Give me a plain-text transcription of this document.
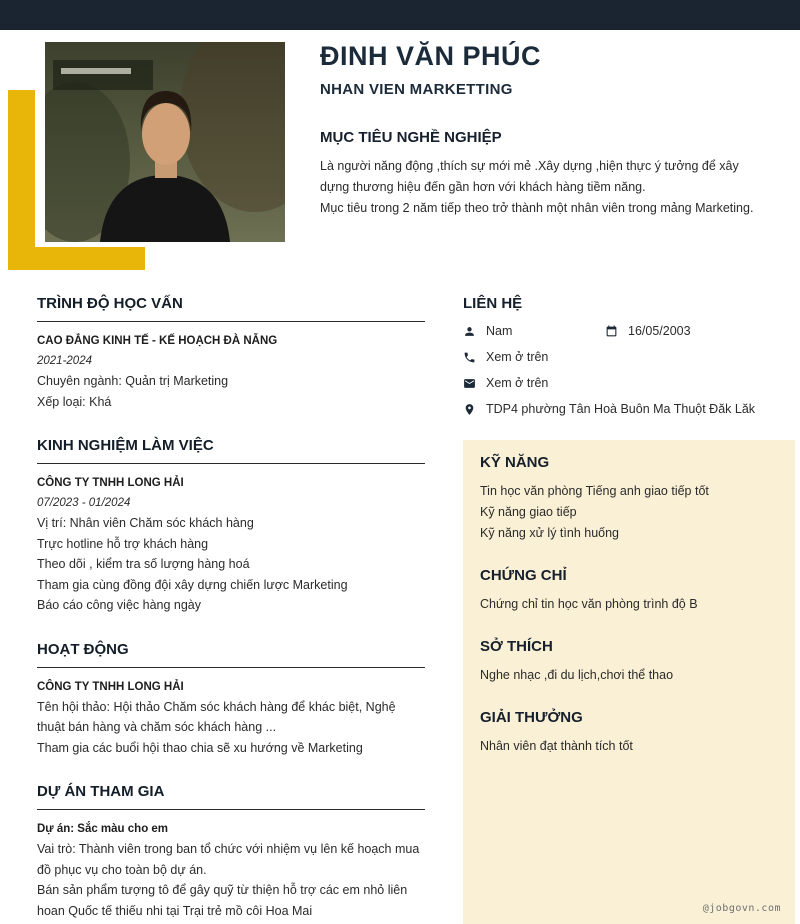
ĐINH VĂN PHÚC
NHAN VIEN MARKETTING
MỤC TIÊU NGHỀ NGHIỆP

Là người năng động ,thích sự mới mẻ .Xây dựng ,hiện thực ý tưởng để xây dựng thương hiệu đến gần hơn với khách hàng tiềm năng.

Mục tiêu trong 2 năm tiếp theo trở thành một nhân viên trong mảng Marketing.

TRÌNH ĐỘ HỌC VẤN

CAO ĐẲNG KINH TẾ - KẾ HOẠCH ĐÀ NẴNG

2021-2024

Chuyên ngành: Quản trị Marketing

Xếp loại: Khá

KINH NGHIỆM LÀM VIỆC

CÔNG TY TNHH LONG HẢI

07/2023 - 01/2024

Vị trí: Nhân viên Chăm sóc khách hàng

Trực hotline hỗ trợ khách hàng

Theo dõi , kiểm tra số lượng hàng hoá

Tham gia cùng đồng đội xây dựng chiến lược Marketing

Báo cáo công việc hàng ngày

HOẠT ĐỘNG

CÔNG TY TNHH LONG HẢI

Tên hội thảo: Hội thảo Chăm sóc khách hàng để khác biệt, Nghệ thuật bán hàng và chăm sóc khách hàng ...

Tham gia các buổi hội thao chia sẽ xu hướng về Marketing

DỰ ÁN THAM GIA

Dự án: Sắc màu cho em

Vai trò: Thành viên trong ban tổ chức với nhiệm vụ lên kế hoạch mua đồ phục vụ cho toàn bộ dự án.

Bán sản phẩm tượng tô để gây quỹ từ thiện hỗ trợ các em nhỏ liên hoan Quốc tế thiếu nhi tại Trại trẻ mồ côi Hoa Mai

LIÊN HỆ
Nam	16/05/2003
Xem ở trên
Xem ở trên
TDP4 phường Tân Hoà Buôn Ma Thuột Đăk Lăk
KỸ NĂNG

Tin học văn phòng Tiếng anh giao tiếp tốt

Kỹ năng giao tiếp

Kỹ năng xử lý tình huống

CHỨNG CHỈ

Chứng chỉ tin học văn phòng trình độ B

SỞ THÍCH

Nghe nhạc ,đi du lịch,chơi thể thao

GIẢI THƯỞNG

Nhân viên đạt thành tích tốt

@jobgovn.com
